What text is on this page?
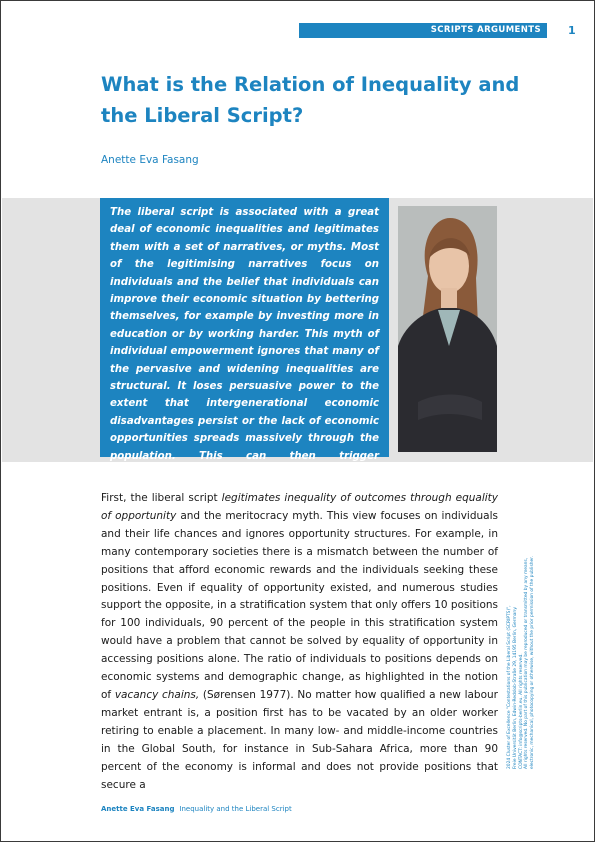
SCRIPTS ARGUMENTS	1
What is the Relation of Inequality and the Liberal Script?
Anette Eva Fasang

The liberal script is associated with a great deal of economic inequalities and legitimates them with a set of narratives, or myths. Most of the legitimising narratives focus on individuals and the belief that individuals can improve their economic situation by bettering themselves, for example by investing more in education or by working harder. This myth of individual empowerment ignores that many of the pervasive and widening inequalities are structural. It loses persuasive power to the extent that intergenerational economic disadvantages persist or the lack of economic opportunities spreads massively through the population. This can then trigger contestations of the liberal script.

First, the liberal script legitimates inequality of outcomes through equality of opportunity and the meritocracy myth. This view focuses on individuals and their life chances and ignores opportunity structures. For example, in many contemporary societies there is a mismatch between the number of positions that afford economic rewards and the individuals seeking these positions. Even if equality of opportunity existed, and numerous studies support the opposite, in a stratification system that only offers 10 positions for 100 individuals, 90 percent of the people in this stratification system would have a problem that cannot be solved by equality of opportunity in accessing positions alone. The ratio of individuals to positions depends on economic systems and demographic change, as highlighted in the notion of vacancy chains, (Sørensen 1977). No matter how qualified a new labour market entrant is, a position first has to be vacated by an older worker retiring to enable a placement. In many low- and middle-income countries in the Global South, for instance in Sub-Sahara Africa, more than 90 percent of the economy is informal and does not provide positions that secure a

2024 Cluster of Excellence "Contestations of the Liberal Script (SCRIPTS)", Freie Universität Berlin, Edwin-Redslob-Straße 29, 14195 Berlin, Germany. CONTACT: info@scripts-berlin.eu. All rights reserved. All rights reserved. No part of this publication may be reproduced or transmitted by any means, electronic, mechanical, photocopying or otherwise, without the prior permission of the publisher.
Anette Eva Fasang Inequality and the Liberal Script
